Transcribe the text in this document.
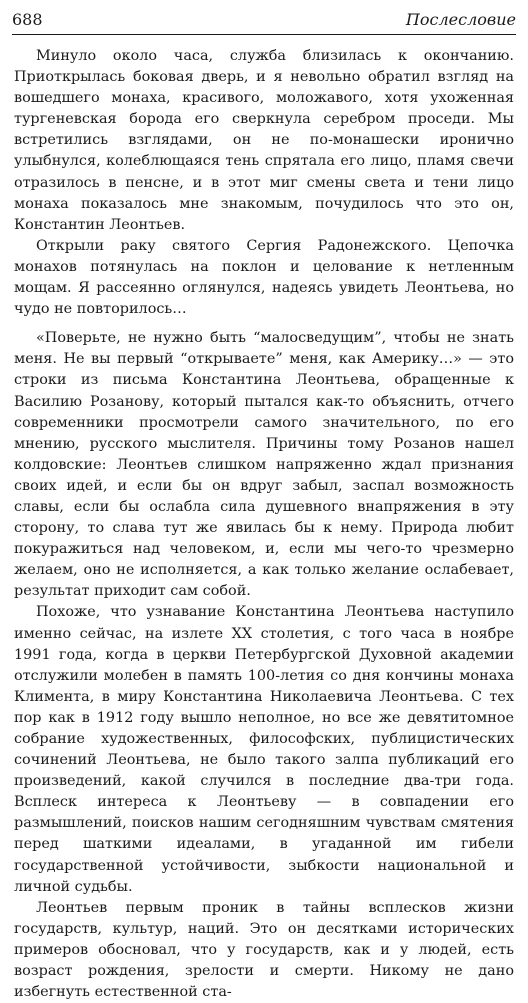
688	Послесловие

Минуло около часа, служба близилась к окончанию. Приоткрылась боковая дверь, и я невольно обратил взгляд на вошедшего монаха, красивого, моложавого, хотя ухоженная тургеневская борода его сверкнула серебром проседи. Мы встретились взглядами, он не по-монашески иронично улыбнулся, колеблющаяся тень спрятала его лицо, пламя свечи отразилось в пенсне, и в этот миг смены света и тени лицо монаха показалось мне знакомым, почудилось что это он, Константин Леонтьев.

Открыли раку святого Сергия Радонежского. Цепочка монахов потянулась на поклон и целование к нетленным мощам. Я рассеянно оглянулся, надеясь увидеть Леонтьева, но чудо не повторилось…

«Поверьте, не нужно быть “малосведущим”, чтобы не знать меня. Не вы первый “открываете” меня, как Америку…» — это строки из письма Константина Леонтьева, обращенные к Василию Розанову, который пытался как-то объяснить, отчего современники просмотрели самого значительного, по его мнению, русского мыслителя. Причины тому Розанов нашел колдовские: Леонтьев слишком напряженно ждал признания своих идей, и если бы он вдруг забыл, заспал возможность славы, если бы ослабла сила душевного внапряжения в эту сторону, то слава тут же явилась бы к нему. Природа любит покуражиться над человеком, и, если мы чего-то чрезмерно желаем, оно не исполняется, а как только желание ослабевает, результат приходит сам собой.

Похоже, что узнавание Константина Леонтьева наступило именно сейчас, на излете XX столетия, с того часа в ноябре 1991 года, когда в церкви Петербургской Духовной академии отслужили молебен в память 100-летия со дня кончины монаха Климента, в миру Константина Николаевича Леонтьева. С тех пор как в 1912 году вышло неполное, но все же девятитомное собрание художественных, философских, публицистических сочинений Леонтьева, не было такого залпа публикаций его произведений, какой случился в последние два-три года. Всплеск интереса к Леонтьеву — в совпадении его размышлений, поисков нашим сегодняшним чувствам смятения перед шаткими идеалами, в угаданной им гибели государственной устойчивости, зыбкости национальной и личной судьбы.

Леонтьев первым проник в тайны всплесков жизни государств, культур, наций. Это он десятками исторических примеров обосновал, что у государств, как и у людей, есть возраст рождения, зрелости и смерти. Никому не дано избегнуть естественной ста-
